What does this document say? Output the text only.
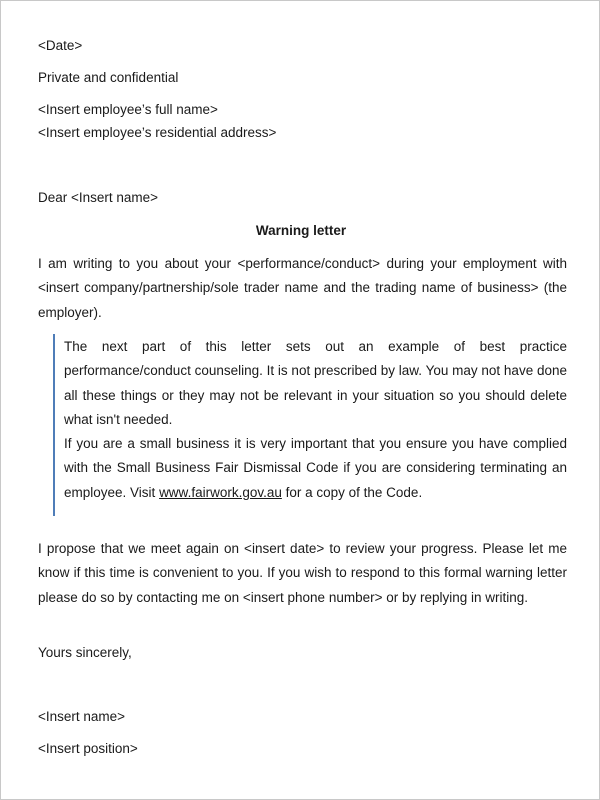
<Date>
Private and confidential
<Insert employee’s full name>
<Insert employee’s residential address>
Dear <Insert name>
Warning letter
I am writing to you about your <performance/conduct> during your employment with <insert company/partnership/sole trader name and the trading name of business> (the employer).
The next part of this letter sets out an example of best practice performance/conduct counseling. It is not prescribed by law. You may not have done all these things or they may not be relevant in your situation so you should delete what isn't needed.
If you are a small business it is very important that you ensure you have complied with the Small Business Fair Dismissal Code if you are considering terminating an employee. Visit www.fairwork.gov.au for a copy of the Code.
I propose that we meet again on <insert date> to review your progress. Please let me know if this time is convenient to you. If you wish to respond to this formal warning letter please do so by contacting me on <insert phone number> or by replying in writing.
Yours sincerely,
<Insert name>
<Insert position>
